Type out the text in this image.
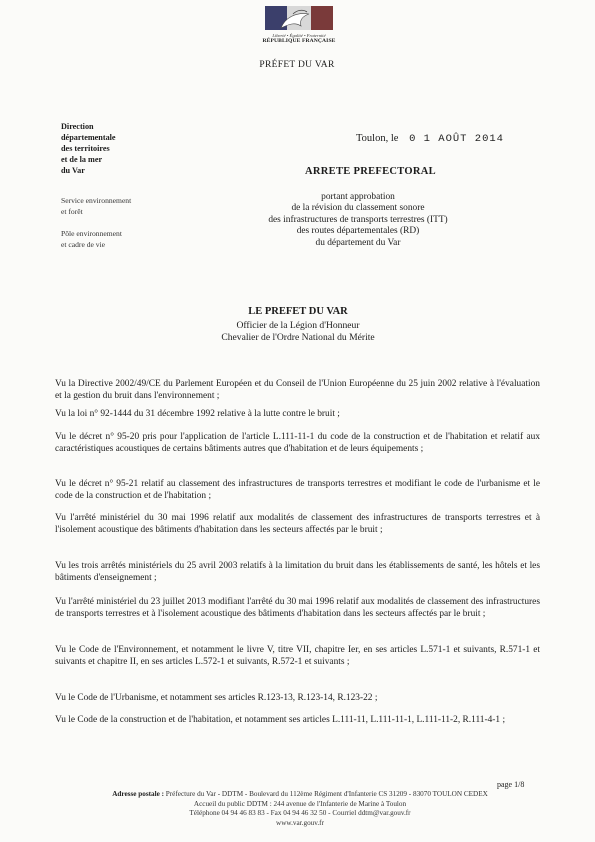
Liberté • Égalité • Fraternité
RÉPUBLIQUE FRANÇAISE
PRÉFET DU VAR
Direction
départementale
des territoires
et de la mer
du Var
Service environnement
et forêt
Pôle environnement
et cadre de vie
Toulon, le 0 1 AOÛT 2014
ARRETE PREFECTORAL
portant approbation
de la révision du classement sonore
des infrastructures de transports terrestres (ITT)
des routes départementales (RD)
du département du Var
LE PREFET DU VAR
Officier de la Légion d'Honneur
Chevalier de l'Ordre National du Mérite
Vu la Directive 2002/49/CE du Parlement Européen et du Conseil de l'Union Européenne du 25 juin 2002 relative à l'évaluation et la gestion du bruit dans l'environnement ;
Vu la loi n° 92-1444 du 31 décembre 1992 relative à la lutte contre le bruit ;
Vu le décret n° 95-20 pris pour l'application de l'article L.111-11-1 du code de la construction et de l'habitation et relatif aux caractéristiques acoustiques de certains bâtiments autres que d'habitation et de leurs équipements ;
Vu le décret n° 95-21 relatif au classement des infrastructures de transports terrestres et modifiant le code de l'urbanisme et le code de la construction et de l'habitation ;
Vu l'arrêté ministériel du 30 mai 1996 relatif aux modalités de classement des infrastructures de transports terrestres et à l'isolement acoustique des bâtiments d'habitation dans les secteurs affectés par le bruit ;
Vu les trois arrêtés ministériels du 25 avril 2003 relatifs à la limitation du bruit dans les établissements de santé, les hôtels et les bâtiments d'enseignement ;
Vu l'arrêté ministériel du 23 juillet 2013 modifiant l'arrêté du 30 mai 1996 relatif aux modalités de classement des infrastructures de transports terrestres et à l'isolement acoustique des bâtiments d'habitation dans les secteurs affectés par le bruit ;
Vu le Code de l'Environnement, et notamment le livre V, titre VII, chapitre Ier, en ses articles L.571-1 et suivants, R.571-1 et suivants et chapitre II, en ses articles L.572-1 et suivants, R.572-1 et suivants ;
Vu le Code de l'Urbanisme, et notamment ses articles R.123-13, R.123-14, R.123-22 ;
Vu le Code de la construction et de l'habitation, et notamment ses articles L.111-11, L.111-11-1, L.111-11-2, R.111-4-1 ;
page 1/8
Adresse postale : Préfecture du Var - DDTM - Boulevard du 112ème Régiment d'Infanterie CS 31209 - 83070 TOULON CEDEX
Accueil du public DDTM : 244 avenue de l'Infanterie de Marine à Toulon
Téléphone 04 94 46 83 83 - Fax 04 94 46 32 50 - Courriel ddtm@var.gouv.fr
www.var.gouv.fr
